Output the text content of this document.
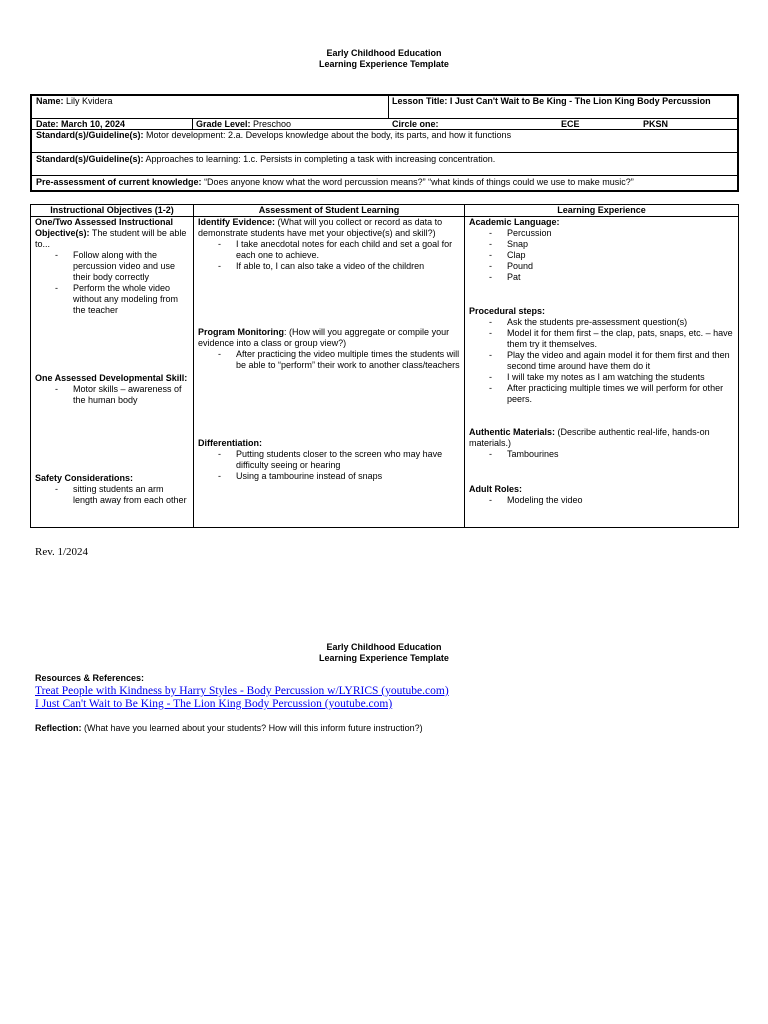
Early Childhood Education
Learning Experience Template
Name: Lily Kvidera	Lesson Title: I Just Can't Wait to Be King - The Lion King Body Percussion
Date: March 10, 2024	Grade Level: Preschoo	Circle one:	ECE	PKSN
Standard(s)/Guideline(s): Motor development: 2.a. Develops knowledge about the body, its parts, and how it functions
Standard(s)/Guideline(s): Approaches to learning: 1.c. Persists in completing a task with increasing concentration.
Pre-assessment of current knowledge: “Does anyone know what the word percussion means?” “what kinds of things could we use to make music?”
Instructional Objectives (1-2)
One/Two Assessed Instructional Objective(s): The student will be able to...
- Follow along with the percussion video and use their body correctly
- Perform the whole video without any modeling from the teacher
One Assessed Developmental Skill:
- Motor skills – awareness of the human body
Safety Considerations:
- sitting students an arm length away from each other
Assessment of Student Learning
Identify Evidence: (What will you collect or record as data to demonstrate students have met your objective(s) and skill?)
- I take anecdotal notes for each child and set a goal for each one to achieve.
- If able to, I can also take a video of the children
Program Monitoring: (How will you aggregate or compile your evidence into a class or group view?)
- After practicing the video multiple times the students will be able to “perform” their work to another class/teachers
Differentiation:
- Putting students closer to the screen who may have difficulty seeing or hearing
- Using a tambourine instead of snaps
Learning Experience
Academic Language:
- Percussion
- Snap
- Clap
- Pound
- Pat
Procedural steps:
- Ask the students pre-assessment question(s)
- Model it for them first – the clap, pats, snaps, etc. – have them try it themselves.
- Play the video and again model it for them first and then second time around have them do it
- I will take my notes as I am watching the students
- After practicing multiple times we will perform for other peers.
Authentic Materials: (Describe authentic real-life, hands-on materials.)
- Tambourines
Adult Roles:
- Modeling the video
Rev. 1/2024
Early Childhood Education
Learning Experience Template
Resources & References:
Treat People with Kindness by Harry Styles - Body Percussion w/LYRICS (youtube.com)
I Just Can't Wait to Be King - The Lion King Body Percussion (youtube.com)
Reflection: (What have you learned about your students? How will this inform future instruction?)
